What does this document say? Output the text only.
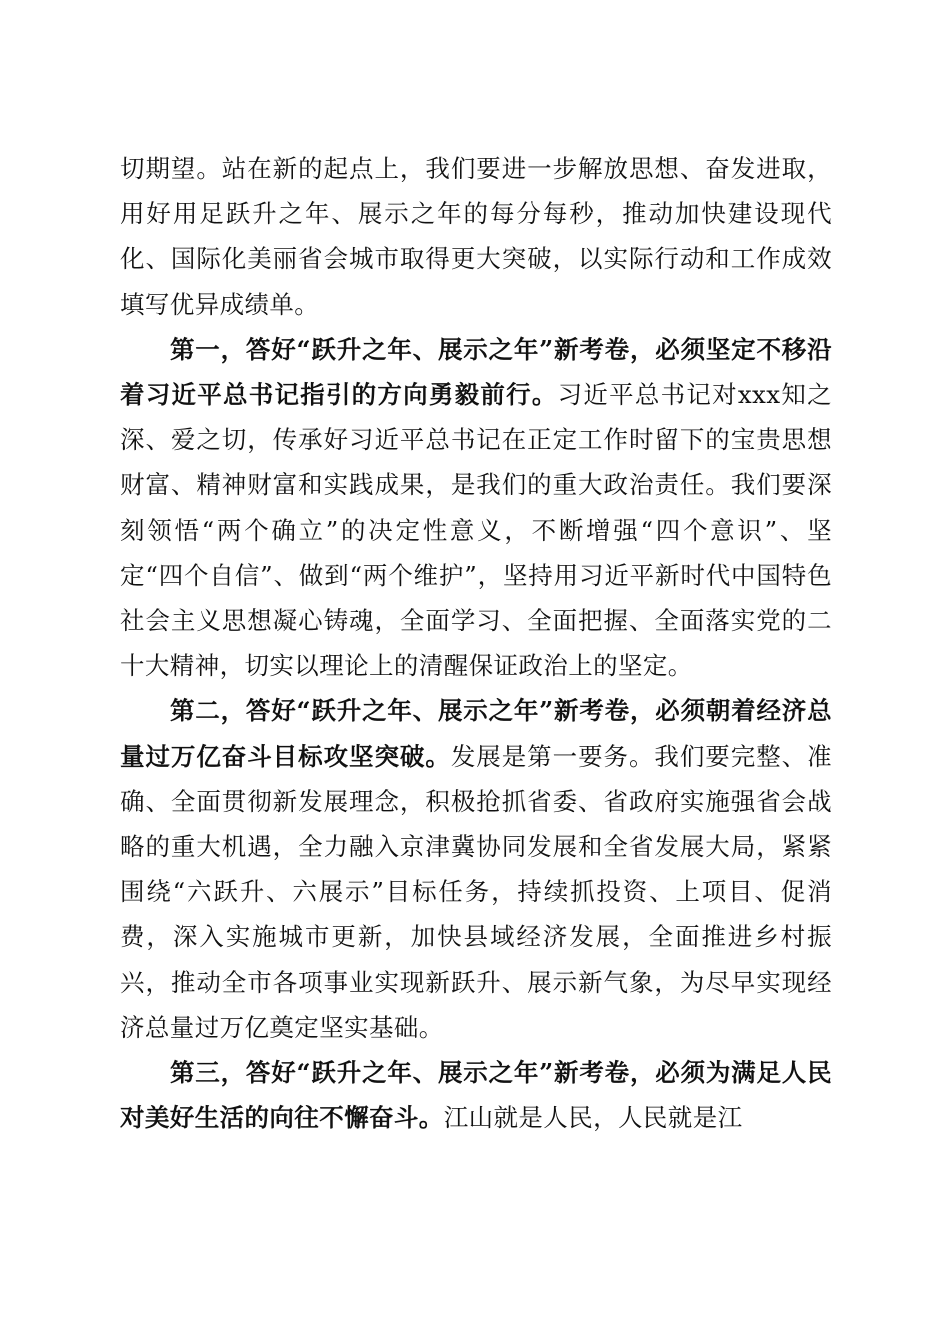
切期望。站在新的起点上，我们要进一步解放思想、奋发进取，用好用足跃升之年、展示之年的每分每秒，推动加快建设现代化、国际化美丽省会城市取得更大突破，以实际行动和工作成效填写优异成绩单。

第一，答好“跃升之年、展示之年”新考卷，必须坚定不移沿着习近平总书记指引的方向勇毅前行。习近平总书记对xxx知之深、爱之切，传承好习近平总书记在正定工作时留下的宝贵思想财富、精神财富和实践成果，是我们的重大政治责任。我们要深刻领悟“两个确立”的决定性意义，不断增强“四个意识”、坚定“四个自信”、做到“两个维护”，坚持用习近平新时代中国特色社会主义思想凝心铸魂，全面学习、全面把握、全面落实党的二十大精神，切实以理论上的清醒保证政治上的坚定。

第二，答好“跃升之年、展示之年”新考卷，必须朝着经济总量过万亿奋斗目标攻坚突破。发展是第一要务。我们要完整、准确、全面贯彻新发展理念，积极抢抓省委、省政府实施强省会战略的重大机遇，全力融入京津冀协同发展和全省发展大局，紧紧围绕“六跃升、六展示”目标任务，持续抓投资、上项目、促消费，深入实施城市更新，加快县域经济发展，全面推进乡村振兴，推动全市各项事业实现新跃升、展示新气象，为尽早实现经济总量过万亿奠定坚实基础。

第三，答好“跃升之年、展示之年”新考卷，必须为满足人民对美好生活的向往不懈奋斗。江山就是人民，人民就是江
